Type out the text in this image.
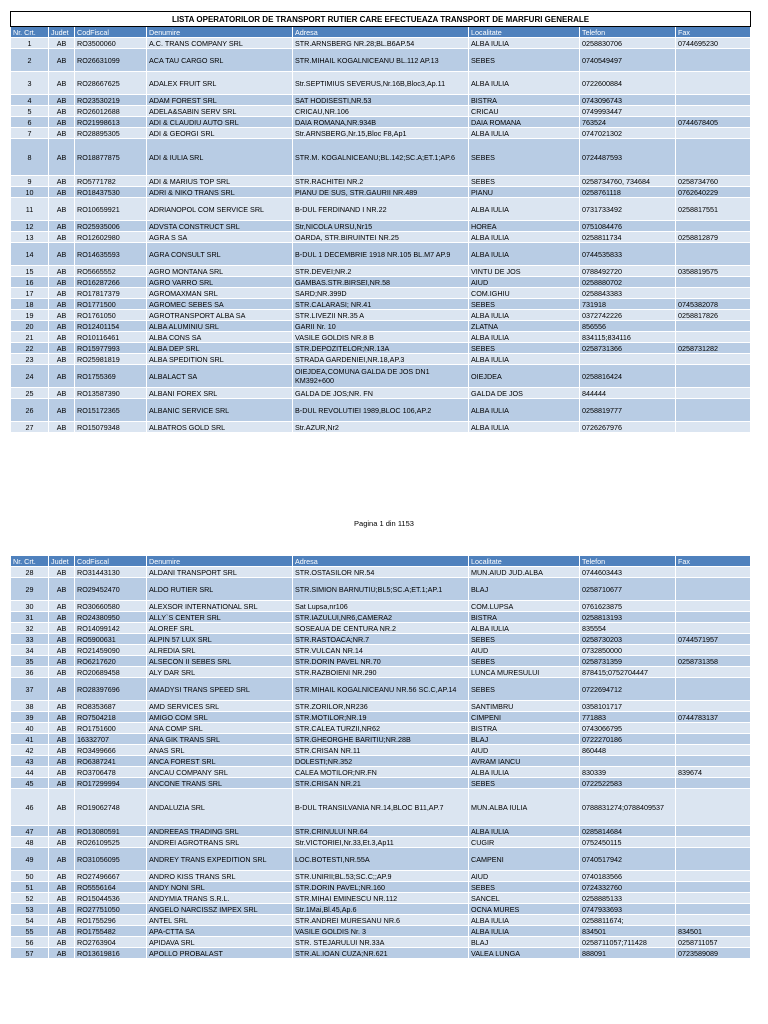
LISTA OPERATORILOR DE TRANSPORT RUTIER CARE EFECTUEAZA TRANSPORT DE MARFURI GENERALE							
Nr. Crt.	Judet	CodFiscal	Denumire	Adresa	Localitate	Telefon	Fax
1	AB	RO3500060	A.C. TRANS COMPANY SRL	STR.ARNSBERG NR.28;BL.B6AP.54	ALBA IULIA	0258830706	0744695230
2	AB	RO26631099	ACA TAU CARGO SRL	STR.MIHAIL KOGALNICEANU BL.112 AP.13	SEBES	0740549497	
3	AB	RO28667625	ADALEX FRUIT SRL	Str.SEPTIMIUS SEVERUS,Nr.16B,Bloc3,Ap.11	ALBA IULIA	0722600884	
4	AB	RO23530219	ADAM FOREST SRL	SAT HODISESTI,NR.53	BISTRA	0743096743	
5	AB	RO26012688	ADELA&SABIN SERV SRL	CRICAU,NR.106	CRICAU	0749993447	
6	AB	RO21998613	ADI & CLAUDIU AUTO SRL	DAIA ROMANA,NR.934B	DAIA ROMANA	763524	0744678405
7	AB	RO28895305	ADI & GEORGI SRL	Str.ARNSBERG,Nr.15,Bloc F8,Ap1	ALBA IULIA	0747021302	
8	AB	RO18877875	ADI & IULIA SRL	STR.M. KOGALNICEANU;BL.142;SC.A;ET.1;AP.6	SEBES	0724487593	
9	AB	RO5771782	ADI & MARIUS TOP SRL	STR.RACHITEI NR.2	SEBES	0258734760, 734684	0258734760
10	AB	RO18437530	ADRI & NIKO TRANS SRL	PIANU DE SUS, STR.GAURII NR.489	PIANU	0258761118	0762640229
11	AB	RO10659921	ADRIANOPOL COM SERVICE SRL	B-DUL FERDINAND I NR.22	ALBA IULIA	0731733492	0258817551
12	AB	RO25935006	ADVSTA CONSTRUCT SRL	Str,NICOLA URSU,Nr15	HOREA	0751084476	
13	AB	RO12602980	AGRA S SA	OARDA, STR.BIRUINTEI NR.25	ALBA IULIA	0258811734	0258812879
14	AB	RO14635593	AGRA CONSULT SRL	B-DUL 1 DECEMBRIE 1918 NR.105 BL.M7 AP.9	ALBA IULIA	0744535833	
15	AB	RO5665552	AGRO MONTANA SRL	STR.DEVEI;NR.2	VINTU DE JOS	0788492720	0358819575
16	AB	RO16287266	AGRO VARRO SRL	GAMBAS.STR.BIRSEI,NR.58	AIUD	0258880702	
17	AB	RO17817379	AGROMAXMAN SRL	SARD;NR.399D	COM.IGHIU	0258843383	
18	AB	RO1771500	AGROMEC SEBES SA	STR.CALARASI; NR.41	SEBES	731918	0745382078
19	AB	RO1761050	AGROTRANSPORT ALBA SA	STR.LIVEZII NR.35 A	ALBA IULIA	0372742226	0258817826
20	AB	RO12401154	ALBA ALUMINIU SRL	GARII Nr. 10	ZLATNA	856556	
21	AB	RO10116461	ALBA CONS SA	VASILE GOLDIS NR.8 B	ALBA IULIA	834115;834116	
22	AB	RO15977993	ALBA DEP SRL	STR.DEPOZITELOR;NR.13A	SEBES	0258731366	0258731282
23	AB	RO25981819	ALBA SPEDITION SRL	STRADA GARDENIEI,NR.18,AP.3	ALBA IULIA		
24	AB	RO1755369	ALBALACT SA	OIEJDEA,COMUNA GALDA DE JOS DN1 KM392+600	OIEJDEA	0258816424	
25	AB	RO13587390	ALBANI FOREX SRL	GALDA DE JOS;NR. FN	GALDA DE JOS	844444	
26	AB	RO15172365	ALBANIC SERVICE SRL	B-DUL REVOLUTIEI 1989,BLOC 106,AP.2	ALBA IULIA	0258819777	
27	AB	RO15079348	ALBATROS GOLD SRL	Str.AZUR,Nr2	ALBA IULIA	0726267976	
Pagina 1 din 1153
Nr. Crt.	Judet	CodFiscal	Denumire	Adresa	Localitate	Telefon	Fax
28	AB	RO31443130	ALDANI TRANSPORT SRL	STR.OSTASILOR NR.54	MUN.AIUD JUD.ALBA	0744603443	
29	AB	RO29452470	ALDO RUTIER SRL	STR.SIMION BARNUTIU;BL5;SC.A;ET.1;AP.1	BLAJ	0258710677	
30	AB	RO30660580	ALEXSOR INTERNATIONAL SRL	Sat Lupsa,nr106	COM.LUPSA	0761623875	
31	AB	RO24380950	ALLY`S CENTER SRL	STR.IAZULUI,NR6,CAMERA2	BISTRA	0258813193	
32	AB	RO14099142	ALOREF SRL	SOSEAUA DE CENTURA NR.2	ALBA IULIA	835554	
33	AB	RO5900631	ALPIN 57 LUX SRL	STR.RASTOACA;NR.7	SEBES	0258730203	0744571957
34	AB	RO21459090	ALREDIA SRL	STR.VULCAN NR.14	AIUD	0732850000	
35	AB	RO6217620	ALSECON II SEBES SRL	STR.DORIN PAVEL NR.70	SEBES	0258731359	0258731358
36	AB	RO20689458	ALY DAR SRL	STR.RAZBOIENI NR.290	LUNCA MURESULUI	878415;0752704447	
37	AB	RO28397696	AMADYSI TRANS SPEED SRL	STR.MIHAIL KOGALNICEANU NR.56 SC.C,AP.14	SEBES	0722694712	
38	AB	RO8353687	AMD SERVICES SRL	STR.ZORILOR,NR236	SANTIMBRU	0358101717	
39	AB	RO7504218	AMIGO COM SRL	STR.MOTILOR;NR.19	CIMPENI	771883	0744783137
40	AB	RO1751600	ANA COMP SRL	STR.CALEA TURZII,NR62	BISTRA	0743066795	
41	AB	16332707	ANA GIK TRANS SRL	STR.GHEORGHE BARITIU;NR.28B	BLAJ	0722270186	
42	AB	RO3499666	ANAS SRL	STR.CRISAN NR.11	AIUD	860448	
43	AB	RO6387241	ANCA FOREST SRL	DOLESTI;NR.352	AVRAM IANCU		
44	AB	RO3706478	ANCAU COMPANY SRL	CALEA MOTILOR;NR.FN	ALBA IULIA	830339	839674
45	AB	RO17299994	ANCONE TRANS SRL	STR.CRISAN NR.21	SEBES	0722522583	
46	AB	RO19062748	ANDALUZIA SRL	B-DUL TRANSILVANIA NR.14,BLOC B11,AP.7	MUN.ALBA IULIA	0788831274;0788409537	
47	AB	RO13080591	ANDREEAS TRADING SRL	STR.CRINULUI NR.64	ALBA IULIA	0285814684	
48	AB	RO26109525	ANDREI AGROTRANS SRL	Str.VICTORIEI,Nr.33,Et.3,Ap11	CUGIR	0752450115	
49	AB	RO31056095	ANDREY TRANS EXPEDITION SRL	LOC.BOTESTI,NR.55A	CAMPENI	0740517942	
50	AB	RO27496667	ANDRO KISS TRANS SRL	STR.UNIRII;BL.53;SC.C;;AP.9	AIUD	0740183566	
51	AB	RO5556164	ANDY NONI SRL	STR.DORIN PAVEL;NR.160	SEBES	0724332760	
52	AB	RO15044536	ANDYMIA TRANS S.R.L.	STR.MIHAI EMINESCU NR.112	SANCEL	0258885133	
53	AB	RO27751050	ANGELO NARCISSZ IMPEX SRL	Str.1Mai,Bl.45,Ap.6	OCNA MURES	0747933693	
54	AB	RO1755296	ANTEL SRL	STR.ANDREI MURESANU NR.6	ALBA IULIA	0258811674;	
55	AB	RO1755482	APA-CTTA SA	VASILE GOLDIS Nr. 3	ALBA IULIA	834501	834501
56	AB	RO2763904	APIDAVA SRL	STR. STEJARULUI NR.33A	BLAJ	0258711057;711428	0258711057
57	AB	RO13619816	APOLLO PROBALAST	STR.AL.IOAN CUZA;NR.621	VALEA LUNGA	888091	0723589089
